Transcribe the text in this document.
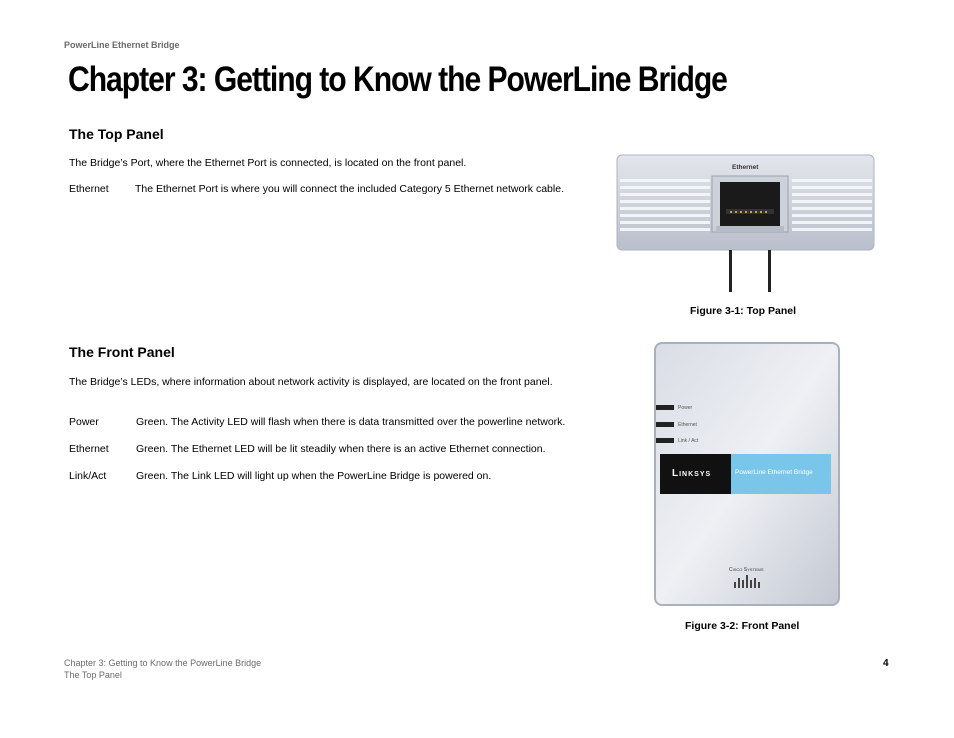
PowerLine Ethernet Bridge
Chapter 3: Getting to Know the PowerLine Bridge
The Top Panel
The Bridge’s Port, where the Ethernet Port is connected, is located on the front panel.
Ethernet	The Ethernet Port is where you will connect the included Category 5 Ethernet network cable.
Ethernet
Figure 3-1: Top Panel
The Front Panel
The Bridge’s LEDs, where information about network activity is displayed, are located on the front panel.
Power	Green. The Activity LED will flash when there is data transmitted over the powerline network.
Ethernet	Green. The Ethernet LED will be lit steadily when there is an active Ethernet connection.
Link/Act	Green. The Link LED will light up when the PowerLine Bridge is powered on.
Power
Ethernet
Link / Act
Linksys	PowerLine Ethernet Bridge
Cisco Systems
Figure 3-2: Front Panel
Chapter 3: Getting to Know the PowerLine Bridge
The Top Panel
4
